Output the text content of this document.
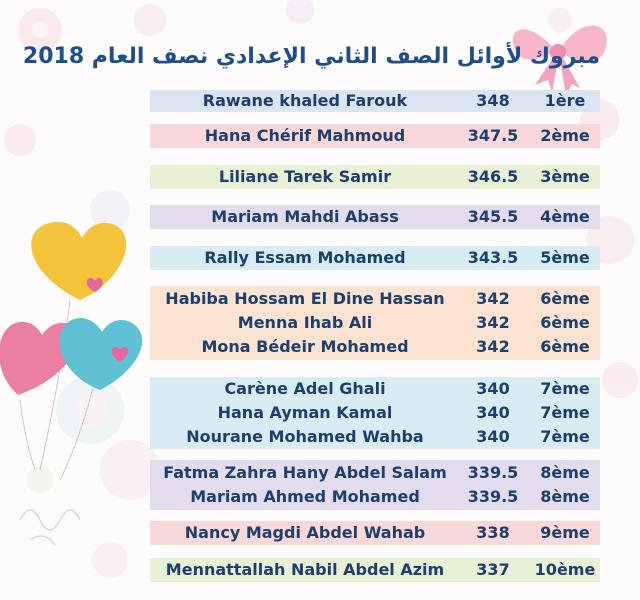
مبروك لأوائل الصف الثاني الإعدادي نصف العام 2018
Rawane khaled Farouk	348	1ère
Hana Chérif Mahmoud	347.5	2ème
Liliane Tarek Samir	346.5	3ème
Mariam Mahdi Abass	345.5	4ème
Rally Essam Mohamed	343.5	5ème
Habiba Hossam El Dine Hassan	342	6ème
Menna Ihab Ali	342	6ème
Mona Bédeir Mohamed	342	6ème
Carène Adel Ghali	340	7ème
Hana Ayman Kamal	340	7ème
Nourane Mohamed Wahba	340	7ème
Fatma Zahra Hany Abdel Salam	339.5	8ème
Mariam Ahmed Mohamed	339.5	8ème
Nancy Magdi Abdel Wahab	338	9ème
Mennattallah Nabil Abdel Azim	337	10ème
